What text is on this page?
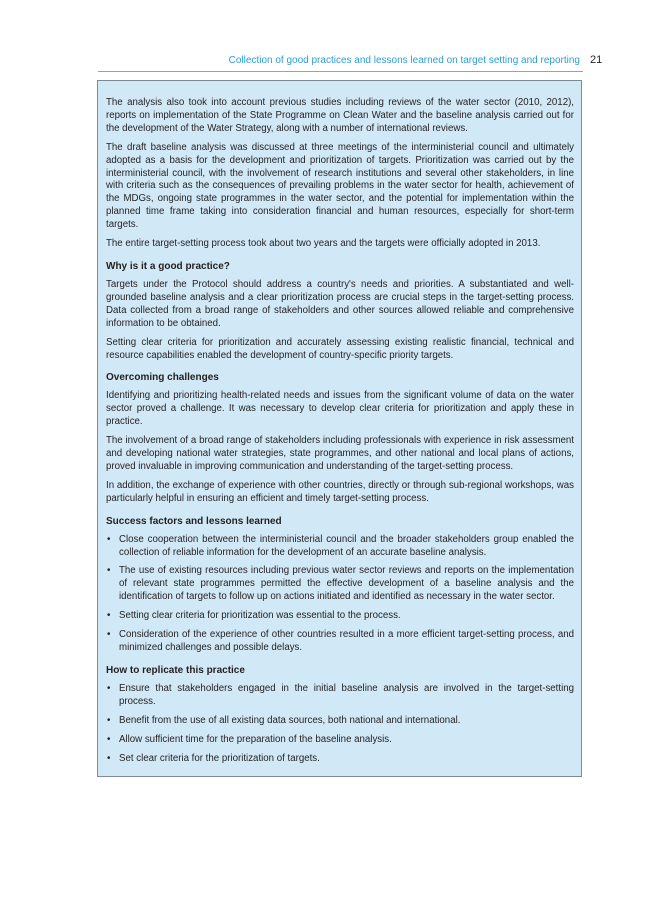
Collection of good practices and lessons learned on target setting and reporting 21

The analysis also took into account previous studies including reviews of the water sector (2010, 2012), reports on implementation of the State Programme on Clean Water and the baseline analysis carried out for the development of the Water Strategy, along with a number of international reviews.

The draft baseline analysis was discussed at three meetings of the interministerial council and ultimately adopted as a basis for the development and prioritization of targets. Prioritization was carried out by the interministerial council, with the involvement of research institutions and several other stakeholders, in line with criteria such as the consequences of prevailing problems in the water sector for health, achievement of the MDGs, ongoing state programmes in the water sector, and the potential for implementation within the planned time frame taking into consideration financial and human resources, especially for short-term targets.

The entire target-setting process took about two years and the targets were officially adopted in 2013.

Why is it a good practice?

Targets under the Protocol should address a country's needs and priorities. A substantiated and well-grounded baseline analysis and a clear prioritization process are crucial steps in the target-setting process. Data collected from a broad range of stakeholders and other sources allowed reliable and comprehensive information to be obtained.

Setting clear criteria for prioritization and accurately assessing existing realistic financial, technical and resource capabilities enabled the development of country-specific priority targets.

Overcoming challenges

Identifying and prioritizing health-related needs and issues from the significant volume of data on the water sector proved a challenge. It was necessary to develop clear criteria for prioritization and apply these in practice.

The involvement of a broad range of stakeholders including professionals with experience in risk assessment and developing national water strategies, state programmes, and other national and local plans of actions, proved invaluable in improving communication and understanding of the target-setting process.

In addition, the exchange of experience with other countries, directly or through sub-regional workshops, was particularly helpful in ensuring an efficient and timely target-setting process.

Success factors and lessons learned
• Close cooperation between the interministerial council and the broader stakeholders group enabled the collection of reliable information for the development of an accurate baseline analysis.
• The use of existing resources including previous water sector reviews and reports on the implementation of relevant state programmes permitted the effective development of a baseline analysis and the identification of targets to follow up on actions initiated and identified as necessary in the water sector.
• Setting clear criteria for prioritization was essential to the process.
• Consideration of the experience of other countries resulted in a more efficient target-setting process, and minimized challenges and possible delays.
How to replicate this practice
• Ensure that stakeholders engaged in the initial baseline analysis are involved in the target-setting process.
• Benefit from the use of all existing data sources, both national and international.
• Allow sufficient time for the preparation of the baseline analysis.
• Set clear criteria for the prioritization of targets.
